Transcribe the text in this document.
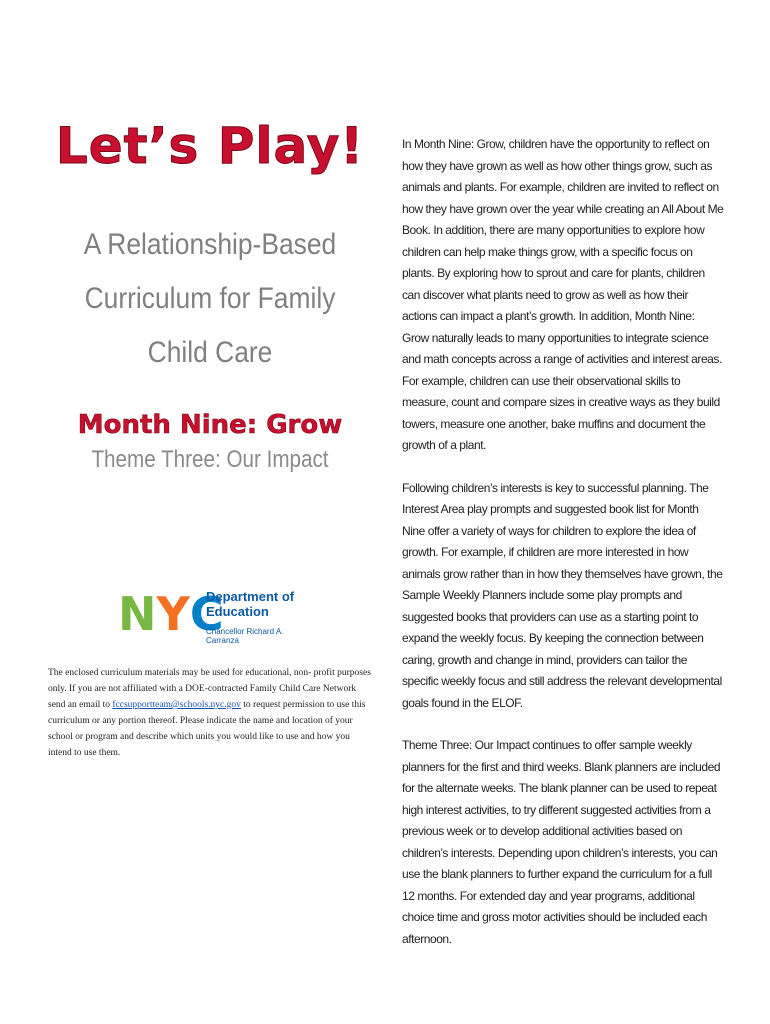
Let’s Play!
A Relationship-Based Curriculum for Family Child Care
Month Nine: Grow
Theme Three: Our Impact
N Y C
Department of
Education
Chancellor Richard A. Carranza
The enclosed curriculum materials may be used for educational, non- profit purposes only. If you are not affiliated with a DOE-contracted Family Child Care Network send an email to fccsupportteam@schools.nyc.gov to request permission to use this curriculum or any portion thereof. Please indicate the name and location of your school or program and describe which units you would like to use and how you intend to use them.

In Month Nine: Grow, children have the opportunity to reflect on how they have grown as well as how other things grow, such as animals and plants. For example, children are invited to reflect on how they have grown over the year while creating an All About Me Book. In addition, there are many opportunities to explore how children can help make things grow, with a specific focus on plants. By exploring how to sprout and care for plants, children can discover what plants need to grow as well as how their actions can impact a plant’s growth. In addition, Month Nine: Grow naturally leads to many opportunities to integrate science and math concepts across a range of activities and interest areas. For example, children can use their observational skills to measure, count and compare sizes in creative ways as they build towers, measure one another, bake muffins and document the growth of a plant.

Following children’s interests is key to successful planning. The Interest Area play prompts and suggested book list for Month Nine offer a variety of ways for children to explore the idea of growth. For example, if children are more interested in how animals grow rather than in how they themselves have grown, the Sample Weekly Planners include some play prompts and suggested books that providers can use as a starting point to expand the weekly focus. By keeping the connection between caring, growth and change in mind, providers can tailor the specific weekly focus and still address the relevant developmental goals found in the ELOF.

Theme Three: Our Impact continues to offer sample weekly planners for the first and third weeks. Blank planners are included for the alternate weeks. The blank planner can be used to repeat high interest activities, to try different suggested activities from a previous week or to develop additional activities based on children’s interests. Depending upon children’s interests, you can use the blank planners to further expand the curriculum for a full 12 months. For extended day and year programs, additional choice time and gross motor activities should be included each afternoon.
